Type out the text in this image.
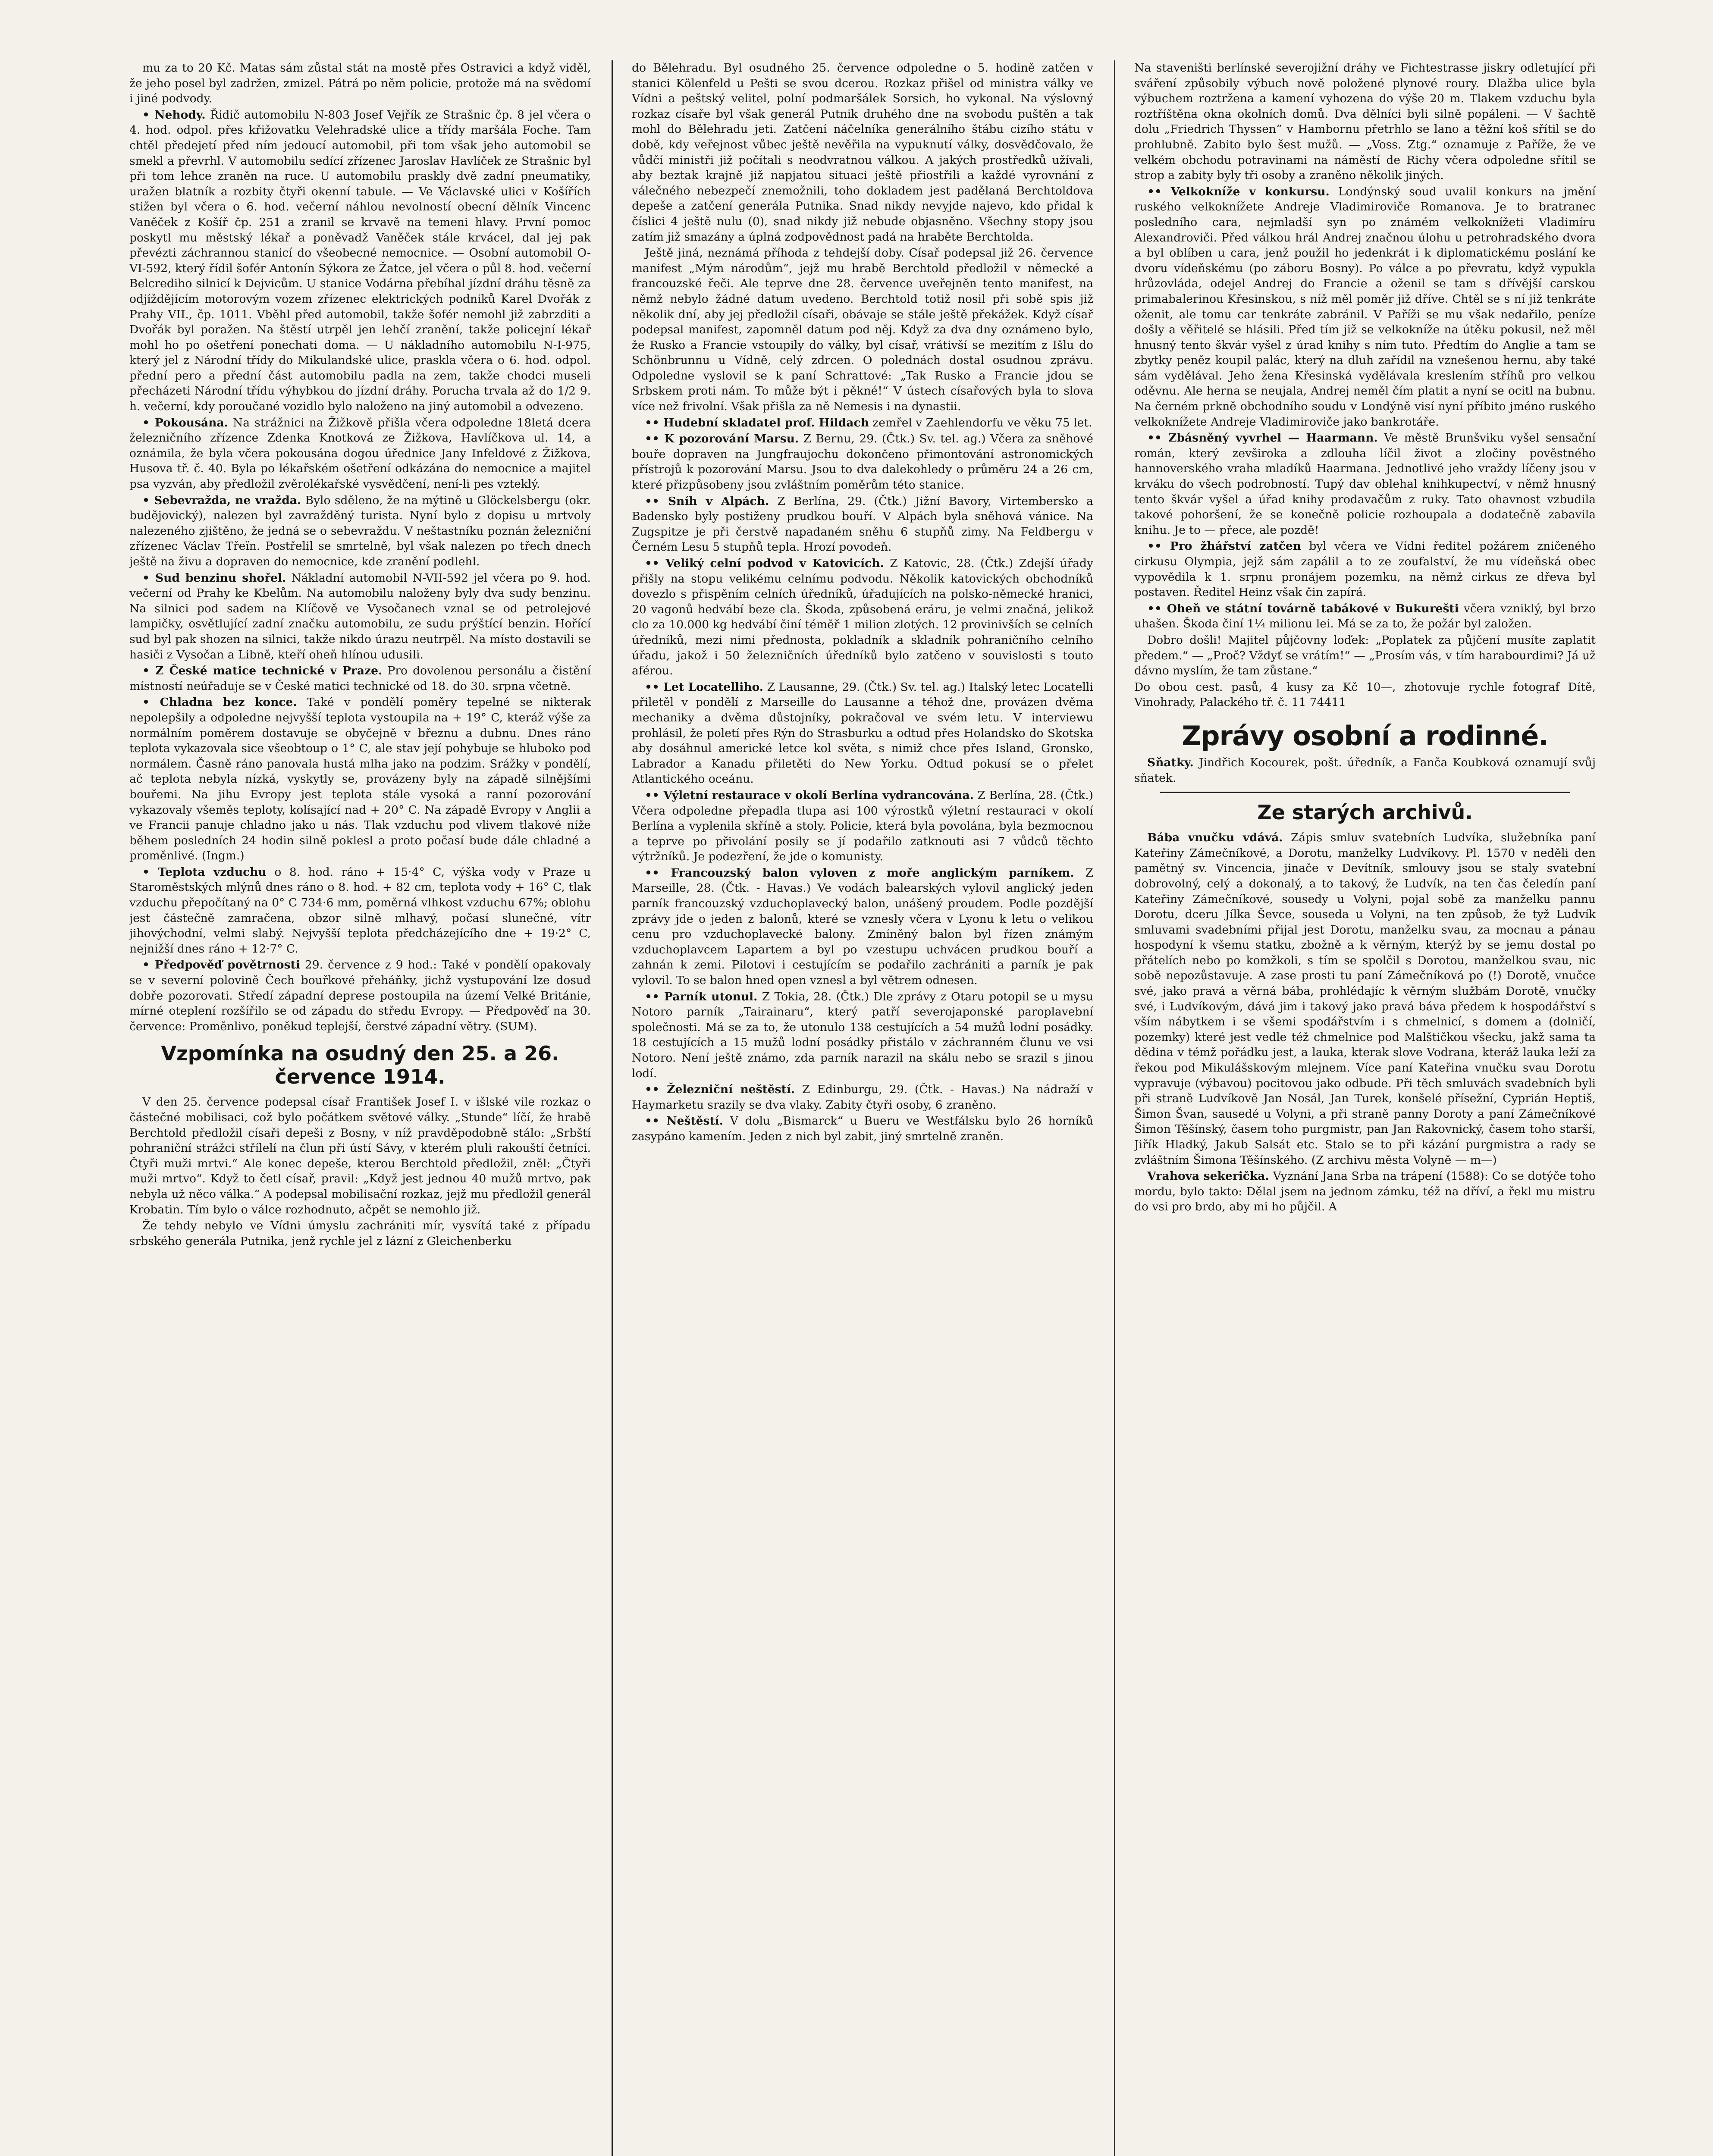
mu za to 20 Kč. Matas sám zůstal stát na mostě přes Ostravici a když viděl, že jeho posel byl zadržen, zmizel. Pátrá po něm policie, protože má na svědomí i jiné podvody.

• Nehody. Řidič automobilu N-803 Josef Vejřík ze Strašnic čp. 8 jel včera o 4. hod. odpol. přes křižovatku Velehradské ulice a třídy maršála Foche. Tam chtěl předejetí před ním jedoucí automobil, při tom však jeho automobil se smekl a převrhl. V automobilu sedící zřízenec Jaroslav Havlíček ze Strašnic byl při tom lehce zraněn na ruce. U automobilu praskly dvě zadní pneumatiky, uražen blatník a rozbity čtyři okenní tabule. — Ve Václavské ulici v Košířích stižen byl včera o 6. hod. večerní náhlou nevolností obecní dělník Vincenc Vaněček z Košíř čp. 251 a zranil se krvavě na temeni hlavy. První pomoc poskytl mu městský lékař a poněvadž Vaněček stále krvácel, dal jej pak převézti záchrannou stanicí do všeobecné nemocnice. — Osobní automobil O-VI-592, který řídil šofér Antonín Sýkora ze Žatce, jel včera o půl 8. hod. večerní Belcrediho silnicí k Dejvicům. U stanice Vodárna přebíhal jízdní dráhu těsně za odjíždějícím motorovým vozem zřízenec elektrických podniků Karel Dvořák z Prahy VII., čp. 1011. Vběhl před automobil, takže šofér nemohl již zabrzditi a Dvořák byl poražen. Na štěstí utrpěl jen lehčí zranění, takže policejní lékař mohl ho po ošetření ponechati doma. — U nákladního automobilu N-I-975, který jel z Národní třídy do Mikulandské ulice, praskla včera o 6. hod. odpol. přední pero a přední část automobilu padla na zem, takže chodci museli přecházeti Národní třídu výhybkou do jízdní dráhy. Porucha trvala až do 1/2 9. h. večerní, kdy poroučané vozidlo bylo naloženo na jiný automobil a odvezeno.

• Pokousána. Na strážnici na Žižkově přišla včera odpoledne 18letá dcera železničního zřízence Zdenka Knotková ze Žižkova, Havlíčkova ul. 14, a oznámila, že byla včera pokousána dogou úřednice Jany Infeldové z Žižkova, Husova tř. č. 40. Byla po lékařském ošetření odkázána do nemocnice a majitel psa vyzván, aby předložil zvěrolékařské vysvědčení, není-li pes vzteklý.

• Sebevražda, ne vražda. Bylo sděleno, že na mýtině u Glöckelsbergu (okr. budějovický), nalezen byl zavražděný turista. Nyní bylo z dopisu u mrtvoly nalezeného zjištěno, že jedná se o sebevraždu. V neštastníku poznán železniční zřízenec Václav Třeïn. Postřelil se smrtelně, byl však nalezen po třech dnech ještě na živu a dopraven do nemocnice, kde zranění podlehl.

• Sud benzinu shořel. Nákladní automobil N-VII-592 jel včera po 9. hod. večerní od Prahy ke Kbelům. Na automobilu naloženy byly dva sudy benzinu. Na silnici pod sadem na Klíčově ve Vysočanech vznal se od petrolejové lampičky, osvětlující zadní značku automobilu, ze sudu prýštící benzin. Hořící sud byl pak shozen na silnici, takže nikdo úrazu neutrpěl. Na místo dostavili se hasiči z Vysočan a Libně, kteří oheň hlínou udusili.

• Z České matice technické v Praze. Pro dovolenou personálu a čistění místností neúřaduje se v České matici technické od 18. do 30. srpna včetně.

• Chladna bez konce. Také v pondělí poměry tepelné se nikterak nepolepšily a odpoledne nejvyšší teplota vystoupila na + 19° C, kteráž výše za normálním poměrem dostavuje se obyčejně v březnu a dubnu. Dnes ráno teplota vykazovala sice všeobtoup o 1° C, ale stav její pohybuje se hluboko pod normálem. Časně ráno panovala hustá mlha jako na podzim. Srážky v pondělí, ač teplota nebyla nízká, vyskytly se, provázeny byly na západě silnějšími bouřemi. Na jihu Evropy jest teplota stále vysoká a ranní pozorování vykazovaly všeměs teploty, kolísající nad + 20° C. Na západě Evropy v Anglii a ve Francii panuje chladno jako u nás. Tlak vzduchu pod vlivem tlakové níže během posledních 24 hodin silně poklesl a proto počasí bude dále chladné a proměnlivé. (Ingm.)

• Teplota vzduchu o 8. hod. ráno + 15·4° C, výška vody v Praze u Staroměstských mlýnů dnes ráno o 8. hod. + 82 cm, teplota vody + 16° C, tlak vzduchu přepočítaný na 0° C 734·6 mm, poměrná vlhkost vzduchu 67%; oblohu jest částečně zamračena, obzor silně mlhavý, počasí slunečné, vítr jihovýchodní, velmi slabý. Nejvyšší teplota předcházejícího dne + 19·2° C, nejnižší dnes ráno + 12·7° C.

• Předpověď povětrnosti 29. července z 9 hod.: Také v pondělí opakovaly se v severní polovině Čech bouřkové přeháňky, jichž vystupování lze dosud dobře pozorovati. Středí západní deprese postoupila na území Velké Británie, mírné oteplení rozšířilo se od západu do středu Evropy. — Předpověď na 30. července: Proměnlivo, poněkud teplejší, čerstvé západní větry. (SUM).

Vzpomínka na osudný den 25. a 26. července 1914.

V den 25. července podepsal císař František Josef I. v išlské vile rozkaz o částečné mobilisaci, což bylo počátkem světové války. „Stunde“ líčí, že hrabě Berchtold předložil císaři depeši z Bosny, v níž pravděpodobně stálo: „Srbští pohraniční strážci střílelí na člun při ústí Sávy, v kterém pluli rakouští četníci. Čtyři muži mrtvi.“ Ale konec depeše, kterou Berchtold předložil, zněl: „Čtyři muži mrtvo“. Když to četl císař, pravil: „Když jest jednou 40 mužů mrtvo, pak nebyla už něco válka.“ A podepsal mobilisační rozkaz, jejž mu předložil generál Krobatin. Tím bylo o válce rozhodnuto, ačpět se nemohlo již.

Že tehdy nebylo ve Vídni úmyslu zachrániti mír, vysvítá také z případu srbského generála Putnika, jenž rychle jel z lázní z Gleichenberku

do Bělehradu. Byl osudného 25. července odpoledne o 5. hodině zatčen v stanici Kölenfeld u Pešti se svou dcerou. Rozkaz přišel od ministra války ve Vídni a peštský velitel, polní podmaršálek Sorsich, ho vykonal. Na výslovný rozkaz císaře byl však generál Putnik druhého dne na svobodu puštěn a tak mohl do Bělehradu jeti. Zatčení náčelníka generálního štábu cizího státu v době, kdy veřejnost vůbec ještě nevěřila na vypuknutí války, dosvědčovalo, že vůdčí ministři již počítali s neodvratnou válkou. A jakých prostředků užívali, aby beztak krajně již napjatou situaci ještě přiostřili a každé vyrovnání z válečného nebezpečí znemožnili, toho dokladem jest padělaná Berchtoldova depeše a zatčení generála Putnika. Snad nikdy nevyjde najevo, kdo přidal k číslici 4 ještě nulu (0), snad nikdy již nebude objasněno. Všechny stopy jsou zatím již smazány a úplná zodpovědnost padá na hraběte Berchtolda.

Ještě jiná, neznámá příhoda z tehdejší doby. Císař podepsal již 26. července manifest „Mým národům“, jejž mu hrabě Berchtold předložil v německé a francouzské řeči. Ale teprve dne 28. července uveřejněn tento manifest, na němž nebylo žádné datum uvedeno. Berchtold totiž nosil při sobě spis již několik dní, aby jej předložil císaři, obávaje se stále ještě překážek. Když císař podepsal manifest, zapomněl datum pod něj. Když za dva dny oznámeno bylo, že Rusko a Francie vstoupily do války, byl císař, vrátivší se mezitím z Išlu do Schönbrunnu u Vídně, celý zdrcen. O polednách dostal osudnou zprávu. Odpoledne vyslovil se k paní Schrattové: „Tak Rusko a Francie jdou se Srbskem proti nám. To může být i pěkné!“ V ústech císařových byla to slova více než frivolní. Však přišla za ně Nemesis i na dynastii.

•• Hudební skladatel prof. Hildach zemřel v Zaehlendorfu ve věku 75 let.

•• K pozorování Marsu. Z Bernu, 29. (Čtk.) Sv. tel. ag.) Včera za sněhové bouře dopraven na Jungfraujochu dokončeno přimontování astronomických přístrojů k pozorování Marsu. Jsou to dva dalekohledy o průměru 24 a 26 cm, které přizpůsobeny jsou zvláštním poměrům této stanice.

•• Sníh v Alpách. Z Berlína, 29. (Čtk.) Jižní Bavory, Virtembersko a Badensko byly postiženy prudkou bouří. V Alpách byla sněhová vánice. Na Zugspitze je při čerstvě napadaném sněhu 6 stupňů zimy. Na Feldbergu v Černém Lesu 5 stupňů tepla. Hrozí povodeň.

•• Veliký celní podvod v Katovicích. Z Katovic, 28. (Čtk.) Zdejší úřady přišly na stopu velikému celnímu podvodu. Několik katovických obchodníků dovezlo s přispěním celních úředníků, úřadujících na polsko-německé hranici, 20 vagonů hedvábí beze cla. Škoda, způsobená eráru, je velmi značná, jelikož clo za 10.000 kg hedvábí činí téměř 1 milion zlotých. 12 provinivších se celních úředníků, mezi nimi přednosta, pokladník a skladník pohraničního celního úřadu, jakož i 50 železničních úředníků bylo zatčeno v souvislosti s touto aférou.

•• Let Locatelliho. Z Lausanne, 29. (Čtk.) Sv. tel. ag.) Italský letec Locatelli přiletěl v pondělí z Marseille do Lausanne a téhož dne, provázen dvěma mechaniky a dvěma důstojníky, pokračoval ve svém letu. V interviewu prohlásil, že poletí přes Rýn do Strasburku a odtud přes Holandsko do Skotska aby dosáhnul americké letce kol světa, s nimiž chce přes Island, Gronsko, Labrador a Kanadu přiletěti do New Yorku. Odtud pokusí se o přelet Atlantického oceánu.

•• Výletní restaurace v okolí Berlína vydrancována. Z Berlína, 28. (Čtk.) Včera odpoledne přepadla tlupa asi 100 výrostků výletní restauraci v okolí Berlína a vyplenila skříně a stoly. Policie, která byla povolána, byla bezmocnou a teprve po přivolání posily se jí podařilo zatknouti asi 7 vůdců těchto výtržníků. Je podezření, že jde o komunisty.

•• Francouzský balon vyloven z moře anglickým parníkem. Z Marseille, 28. (Čtk. - Havas.) Ve vodách balearských vylovil anglický jeden parník francouzský vzduchoplavecký balon, unášený proudem. Podle pozdější zprávy jde o jeden z balonů, které se vznesly včera v Lyonu k letu o velikou cenu pro vzduchoplavecké balony. Zmíněný balon byl řízen známým vzduchoplavcem Lapartem a byl po vzestupu uchvácen prudkou bouří a zahnán k zemi. Pilotovi i cestujícím se podařilo zachrániti a parník je pak vylovil. To se balon hned open vznesl a byl větrem odnesen.

•• Parník utonul. Z Tokia, 28. (Čtk.) Dle zprávy z Otaru potopil se u mysu Notoro parník „Tairainaru“, který patří severojaponské paroplavební společnosti. Má se za to, že utonulo 138 cestujících a 54 mužů lodní posádky. 18 cestujících a 15 mužů lodní posádky přistálo v záchranném člunu ve vsi Notoro. Není ještě známo, zda parník narazil na skálu nebo se srazil s jinou lodí.

•• Železniční neštěstí. Z Edinburgu, 29. (Čtk. - Havas.) Na nádraží v Haymarketu srazily se dva vlaky. Zabity čtyři osoby, 6 zraněno.

•• Neštěstí. V dolu „Bismarck“ u Bueru ve Westfálsku bylo 26 horníků zasypáno kamením. Jeden z nich byl zabit, jiný smrtelně zraněn.

Na staveništi berlínské severojižní dráhy ve Fichtestrasse jiskry odletující při sváření způsobily výbuch nově položené plynové roury. Dlažba ulice byla výbuchem roztržena a kamení vyhozena do výše 20 m. Tlakem vzduchu byla roztříštěna okna okolních domů. Dva dělníci byli silně popáleni. — V šachtě dolu „Friedrich Thyssen“ v Hambornu přetrhlo se lano a těžní koš sřítil se do prohlubně. Zabito bylo šest mužů. — „Voss. Ztg.“ oznamuje z Paříže, že ve velkém obchodu potravinami na náměstí de Richy včera odpoledne sřítil se strop a zabity byly tři osoby a zraněno několik jiných.

•• Velkokníže v konkursu. Londýnský soud uvalil konkurs na jmění ruského velkoknížete Andreje Vladimiroviče Romanova. Je to bratranec posledního cara, nejmladší syn po známém velkoknížeti Vladimíru Alexandroviči. Před válkou hrál Andrej značnou úlohu u petrohradského dvora a byl oblíben u cara, jenž použil ho jedenkrát i k diplomatickému poslání ke dvoru vídeňskému (po záboru Bosny). Po válce a po převratu, když vypukla hrůzovláda, odejel Andrej do Francie a oženil se tam s dřívější carskou primabalerinou Křesinskou, s níž měl poměr již dříve. Chtěl se s ní již tenkráte oženit, ale tomu car tenkráte zabránil. V Paříži se mu však nedařilo, peníze došly a věřitelé se hlásili. Před tím již se velkokníže na útěku pokusil, než měl hnusný tento škvár vyšel z úrad knihy s ním tuto. Předtím do Anglie a tam se zbytky peněz koupil palác, který na dluh zařídil na vznešenou hernu, aby také sám vydělával. Jeho žena Křesinská vydělávala kreslením stříhů pro velkou oděvnu. Ale herna se neujala, Andrej neměl čím platit a nyní se ocitl na bubnu. Na černém prkně obchodního soudu v Londýně visí nyní příbito jméno ruského velkoknížete Andreje Vladimiroviče jako bankrotáře.

•• Zbásněný vyvrhel — Haarmann. Ve městě Brunšviku vyšel sensační román, který zevširoka a zdlouha líčil život a zločiny pověstného hannoverského vraha mladíků Haarmana. Jednotlivé jeho vraždy líčeny jsou v krváku do všech podrobností. Tupý dav oblehal knihkupectví, v němž hnusný tento škvár vyšel a úřad knihy prodavačům z ruky. Tato ohavnost vzbudila takové pohoršení, že se konečně policie rozhoupala a dodatečně zabavila knihu. Je to — přece, ale pozdě!

•• Pro žhářství zatčen byl včera ve Vídni ředitel požárem zničeného cirkusu Olympia, jejž sám zapálil a to ze zoufalství, že mu vídeňská obec vypovědila k 1. srpnu pronájem pozemku, na němž cirkus ze dřeva byl postaven. Ředitel Heinz však čin zapírá.

•• Oheň ve státní továrně tabákové v Bukurešti včera vzniklý, byl brzo uhašen. Škoda činí 1¼ milionu lei. Má se za to, že požár byl založen.

Dobro došli! Majitel půjčovny loďek: „Poplatek za půjčení musíte zaplatit předem.“ — „Proč? Vždyť se vrátím!“ — „Prosím vás, v tím harabourdimi? Já už dávno myslím, že tam zůstane.“

Do obou cest. pasů, 4 kusy za Kč 10—, zhotovuje rychle fotograf Dítě, Vinohrady, Palackého tř. č. 11 74411

Zprávy osobní a rodinné.

Sňatky. Jindřich Kocourek, pošt. úředník, a Fanča Koubková oznamují svůj sňatek.

Ze starých archivů.

Bába vnučku vdává. Zápis smluv svatebních Ludvíka, služebníka paní Kateřiny Zámečníkové, a Dorotu, manželky Ludvíkovy. Pl. 1570 v neděli den pamětný sv. Vincencia, jinače v Devítník, smlouvy jsou se staly svatební dobrovolný, celý a dokonalý, a to takový, že Ludvík, na ten čas čeledín paní Kateřiny Zámečníkové, sousedy u Volyni, pojal sobě za manželku pannu Dorotu, dceru Jílka Ševce, souseda u Volyni, na ten způsob, že tyž Ludvík smluvami svadebními přijal jest Dorotu, manželku svau, za mocnau a pánau hospodyní k všemu statku, zbožně a k věrným, kterýž by se jemu dostal po přátelích nebo po komžkoli, s tím se spolčil s Dorotou, manželkou svau, nic sobě nepozůstavuje. A zase prosti tu paní Zámečníková po (!) Dorotě, vnučce své, jako pravá a věrná bába, prohlédajíc k věrným službám Dorotě, vnučky své, i Ludvíkovým, dává jim i takový jako pravá báva předem k hospodářství s vším nábytkem i se všemi spodářstvím i s chmelnicí, s domem a (dolničí, pozemky) které jest vedle též chmelnice pod Malštičkou všecku, jakž sama ta dědina v témž pořádku jest, a lauka, kterak slove Vodrana, kteráž lauka leží za řekou pod Mikulášskovým mlejnem. Více paní Kateřina vnučku svau Dorotu vypravuje (výbavou) pocitovou jako odbude. Při těch smluvách svadebních byli při straně Ludvíkově Jan Nosál, Jan Turek, konšelé přísežní, Cyprián Heptiš, Šimon Švan, sausedé u Volyni, a při straně panny Doroty a paní Zámečníkové Šimon Těšínský, časem toho purgmistr, pan Jan Rakovnický, časem toho starší, Jiřík Hladký, Jakub Salsát etc. Stalo se to při kázání purgmistra a rady se zvláštním Šimona Těšínského. (Z archivu města Volyně — m—)

Vrahova sekerička. Vyznání Jana Srba na trápení (1588): Co se dotýče toho mordu, bylo takto: Dělal jsem na jednom zámku, též na dříví, a řekl mu mistru do vsi pro brdo, aby mi ho půjčil. A
